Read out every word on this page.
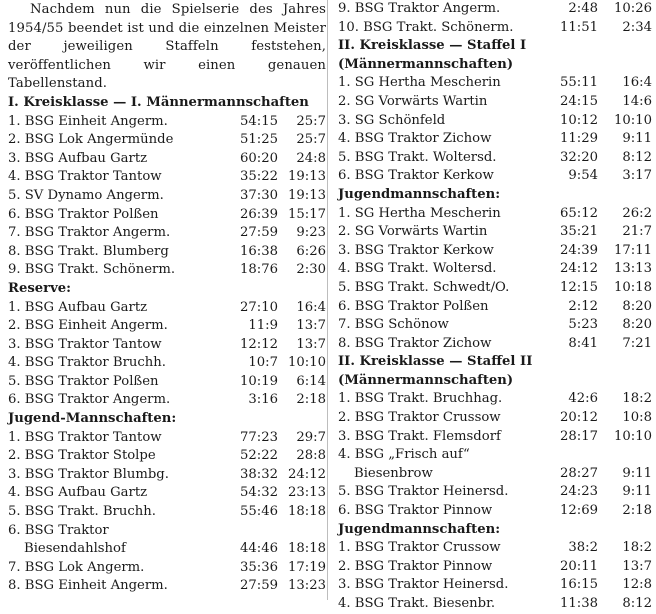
Nachdem nun die Spielserie des Jahres 1954/55 beendet ist und die einzelnen Meister der jeweiligen Staffeln feststehen, veröffentlichen wir einen genauen Tabellenstand.
I. Kreisklasse — I. Männermannschaften
1. BSG Einheit Angerm.	54:15	25:7
2. BSG Lok Angermünde	51:25	25:7
3. BSG Aufbau Gartz	60:20	24:8
4. BSG Traktor Tantow	35:22 19:13
5. SV Dynamo Angerm.	37:30 19:13
6. BSG Traktor Polßen	26:39 15:17
7. BSG Traktor Angerm.	27:59	9:23
8. BSG Trakt. Blumberg	16:38	6:26
9. BSG Trakt. Schönerm.	18:76	2:30
Reserve:
1. BSG Aufbau Gartz	27:10	16:4
2. BSG Einheit Angerm.	11:9	13:7
3. BSG Traktor Tantow	12:12	13:7
4. BSG Traktor Bruchh.	10:7 10:10
5. BSG Traktor Polßen	10:19	6:14
6. BSG Traktor Angerm.	3:16	2:18
Jugend-Mannschaften:
1. BSG Traktor Tantow	77:23	29:7
2. BSG Traktor Stolpe	52:22	28:8
3. BSG Traktor Blumbg.	38:32 24:12
4. BSG Aufbau Gartz	54:32 23:13
5. BSG Trakt. Bruchh.	55:46 18:18
6. BSG Traktor
Biesendahlshof	44:46 18:18
7. BSG Lok Angerm.	35:36 17:19
8. BSG Einheit Angerm.	27:59 13:23
9. BSG Traktor Angerm.	2:48	10:26
10. BSG Trakt. Schönerm.	11:51	2:34
II. Kreisklasse — Staffel I (Männermannschaften)
1. SG Hertha Mescherin	55:11	16:4
2. SG Vorwärts Wartin	24:15	14:6
3. SG Schönfeld	10:12	10:10
4. BSG Traktor Zichow	11:29	9:11
5. BSG Trakt. Woltersd.	32:20	8:12
6. BSG Traktor Kerkow	9:54	3:17
Jugendmannschaften:
1. SG Hertha Mescherin	65:12	26:2
2. SG Vorwärts Wartin	35:21	21:7
3. BSG Traktor Kerkow	24:39	17:11
4. BSG Trakt. Woltersd.	24:12	13:13
5. BSG Trakt. Schwedt/O.	12:15	10:18
6. BSG Traktor Polßen	2:12	8:20
7. BSG Schönow	5:23	8:20
8. BSG Traktor Zichow	8:41	7:21
II. Kreisklasse — Staffel II (Männermannschaften)
1. BSG Trakt. Bruchhag.	42:6	18:2
2. BSG Traktor Crussow	20:12	10:8
3. BSG Trakt. Flemsdorf	28:17	10:10
4. BSG „Frisch auf“
Biesenbrow	28:27	9:11
5. BSG Traktor Heinersd.	24:23	9:11
6. BSG Traktor Pinnow	12:69	2:18
Jugendmannschaften:
1. BSG Traktor Crussow	38:2	18:2
2. BSG Traktor Pinnow	20:11	13:7
3. BSG Traktor Heinersd.	16:15	12:8
4. BSG Trakt. Biesenbr.	11:38	8:12
